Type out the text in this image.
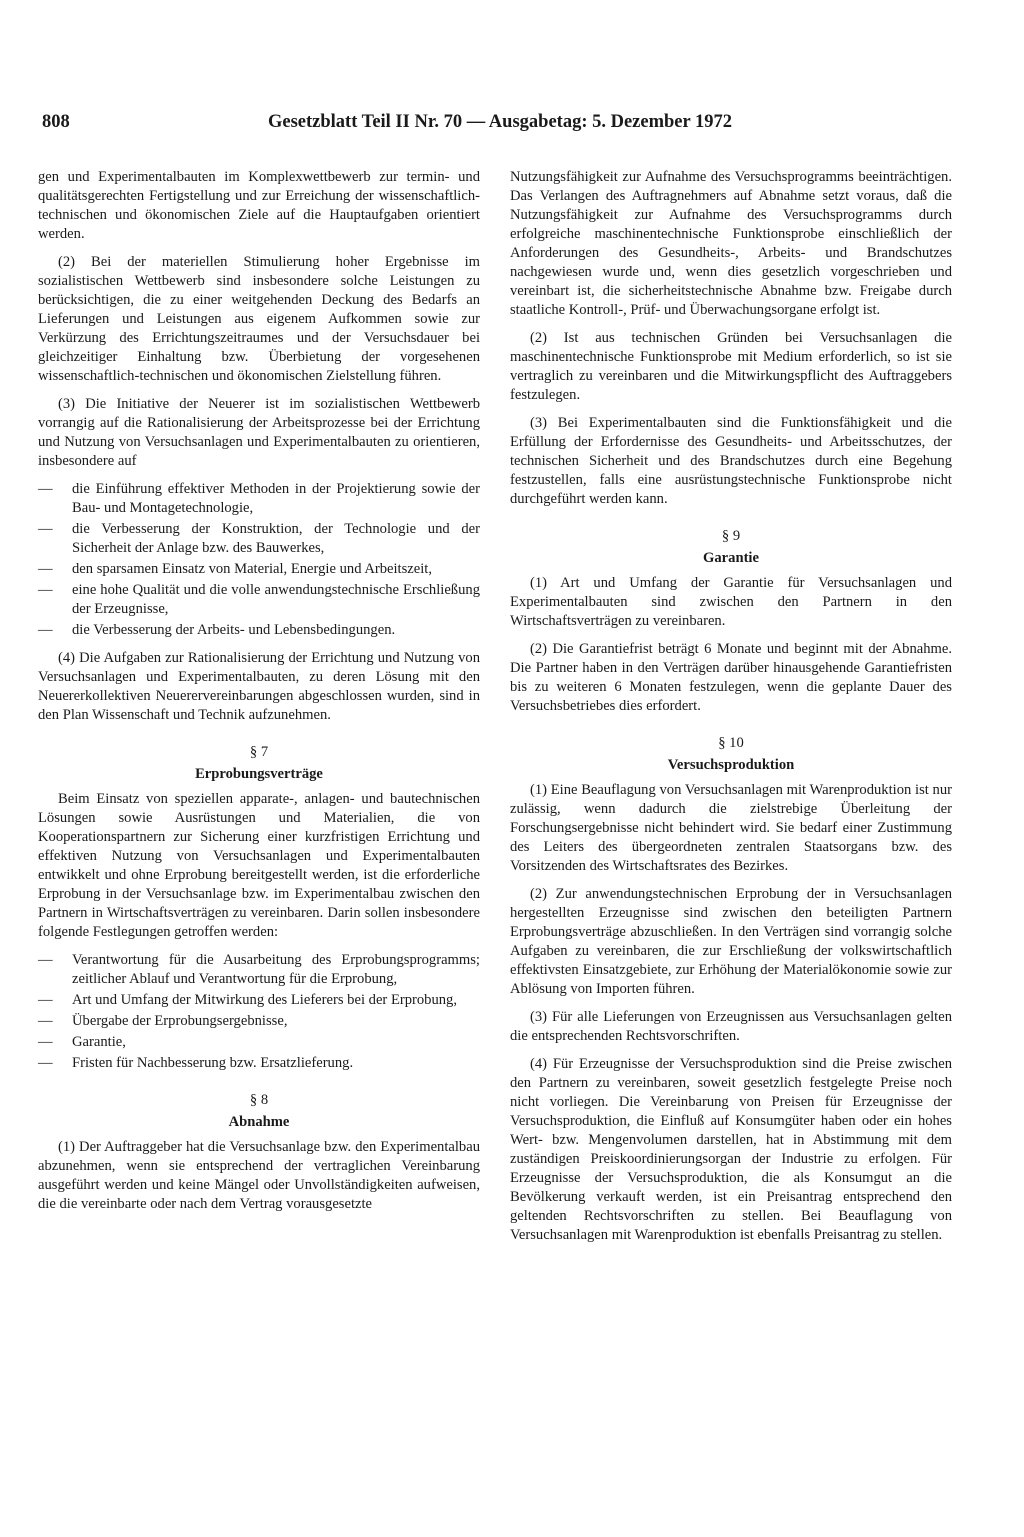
808	Gesetzblatt Teil II Nr. 70 — Ausgabetag: 5. Dezember 1972

gen und Experimentalbauten im Komplexwettbewerb zur termin- und qualitätsgerechten Fertigstellung und zur Erreichung der wissenschaftlich-technischen und ökonomischen Ziele auf die Hauptaufgaben orientiert werden.

(2) Bei der materiellen Stimulierung hoher Ergebnisse im sozialistischen Wettbewerb sind insbesondere solche Leistungen zu berücksichtigen, die zu einer weitgehenden Deckung des Bedarfs an Lieferungen und Leistungen aus eigenem Aufkommen sowie zur Verkürzung des Errichtungszeitraumes und der Versuchsdauer bei gleichzeitiger Einhaltung bzw. Überbietung der vorgesehenen wissenschaftlich-technischen und ökonomischen Zielstellung führen.

(3) Die Initiative der Neuerer ist im sozialistischen Wettbewerb vorrangig auf die Rationalisierung der Arbeitsprozesse bei der Errichtung und Nutzung von Versuchsanlagen und Experimentalbauten zu orientieren, insbesondere auf

— die Einführung effektiver Methoden in der Projektierung sowie der Bau- und Montagetechnologie,
— die Verbesserung der Konstruktion, der Technologie und der Sicherheit der Anlage bzw. des Bauwerkes,
— den sparsamen Einsatz von Material, Energie und Arbeitszeit,
— eine hohe Qualität und die volle anwendungstechnische Erschließung der Erzeugnisse,
— die Verbesserung der Arbeits- und Lebensbedingungen.

(4) Die Aufgaben zur Rationalisierung der Errichtung und Nutzung von Versuchsanlagen und Experimentalbauten, zu deren Lösung mit den Neuererkollektiven Neuerervereinbarungen abgeschlossen wurden, sind in den Plan Wissenschaft und Technik aufzunehmen.

§ 7
Erprobungsverträge

Beim Einsatz von speziellen apparate-, anlagen- und bautechnischen Lösungen sowie Ausrüstungen und Materialien, die von Kooperationspartnern zur Sicherung einer kurzfristigen Errichtung und effektiven Nutzung von Versuchsanlagen und Experimentalbauten entwikkelt und ohne Erprobung bereitgestellt werden, ist die erforderliche Erprobung in der Versuchsanlage bzw. im Experimentalbau zwischen den Partnern in Wirtschaftsverträgen zu vereinbaren. Darin sollen insbesondere folgende Festlegungen getroffen werden:

— Verantwortung für die Ausarbeitung des Erprobungsprogramms; zeitlicher Ablauf und Verantwortung für die Erprobung,
— Art und Umfang der Mitwirkung des Lieferers bei der Erprobung,
— Übergabe der Erprobungsergebnisse,
— Garantie,
— Fristen für Nachbesserung bzw. Ersatzlieferung.
§ 8
Abnahme

(1) Der Auftraggeber hat die Versuchsanlage bzw. den Experimentalbau abzunehmen, wenn sie entsprechend der vertraglichen Vereinbarung ausgeführt werden und keine Mängel oder Unvollständigkeiten aufweisen, die die vereinbarte oder nach dem Vertrag vorausgesetzte

Nutzungsfähigkeit zur Aufnahme des Versuchsprogramms beeinträchtigen. Das Verlangen des Auftragnehmers auf Abnahme setzt voraus, daß die Nutzungsfähigkeit zur Aufnahme des Versuchsprogramms durch erfolgreiche maschinentechnische Funktionsprobe einschließlich der Anforderungen des Gesundheits-, Arbeits- und Brandschutzes nachgewiesen wurde und, wenn dies gesetzlich vorgeschrieben und vereinbart ist, die sicherheitstechnische Abnahme bzw. Freigabe durch staatliche Kontroll-, Prüf- und Überwachungsorgane erfolgt ist.

(2) Ist aus technischen Gründen bei Versuchsanlagen die maschinentechnische Funktionsprobe mit Medium erforderlich, so ist sie vertraglich zu vereinbaren und die Mitwirkungspflicht des Auftraggebers festzulegen.

(3) Bei Experimentalbauten sind die Funktionsfähigkeit und die Erfüllung der Erfordernisse des Gesundheits- und Arbeitsschutzes, der technischen Sicherheit und des Brandschutzes durch eine Begehung festzustellen, falls eine ausrüstungstechnische Funktionsprobe nicht durchgeführt werden kann.

§ 9
Garantie

(1) Art und Umfang der Garantie für Versuchsanlagen und Experimentalbauten sind zwischen den Partnern in den Wirtschaftsverträgen zu vereinbaren.

(2) Die Garantiefrist beträgt 6 Monate und beginnt mit der Abnahme. Die Partner haben in den Verträgen darüber hinausgehende Garantiefristen bis zu weiteren 6 Monaten festzulegen, wenn die geplante Dauer des Versuchsbetriebes dies erfordert.

§ 10
Versuchsproduktion

(1) Eine Beauflagung von Versuchsanlagen mit Warenproduktion ist nur zulässig, wenn dadurch die zielstrebige Überleitung der Forschungsergebnisse nicht behindert wird. Sie bedarf einer Zustimmung des Leiters des übergeordneten zentralen Staatsorgans bzw. des Vorsitzenden des Wirtschaftsrates des Bezirkes.

(2) Zur anwendungstechnischen Erprobung der in Versuchsanlagen hergestellten Erzeugnisse sind zwischen den beteiligten Partnern Erprobungsverträge abzuschließen. In den Verträgen sind vorrangig solche Aufgaben zu vereinbaren, die zur Erschließung der volkswirtschaftlich effektivsten Einsatzgebiete, zur Erhöhung der Materialökonomie sowie zur Ablösung von Importen führen.

(3) Für alle Lieferungen von Erzeugnissen aus Versuchsanlagen gelten die entsprechenden Rechtsvorschriften.

(4) Für Erzeugnisse der Versuchsproduktion sind die Preise zwischen den Partnern zu vereinbaren, soweit gesetzlich festgelegte Preise noch nicht vorliegen. Die Vereinbarung von Preisen für Erzeugnisse der Versuchsproduktion, die Einfluß auf Konsumgüter haben oder ein hohes Wert- bzw. Mengenvolumen darstellen, hat in Abstimmung mit dem zuständigen Preiskoordinierungsorgan der Industrie zu erfolgen. Für Erzeugnisse der Versuchsproduktion, die als Konsumgut an die Bevölkerung verkauft werden, ist ein Preisantrag entsprechend den geltenden Rechtsvorschriften zu stellen. Bei Beauflagung von Versuchsanlagen mit Warenproduktion ist ebenfalls Preisantrag zu stellen.
